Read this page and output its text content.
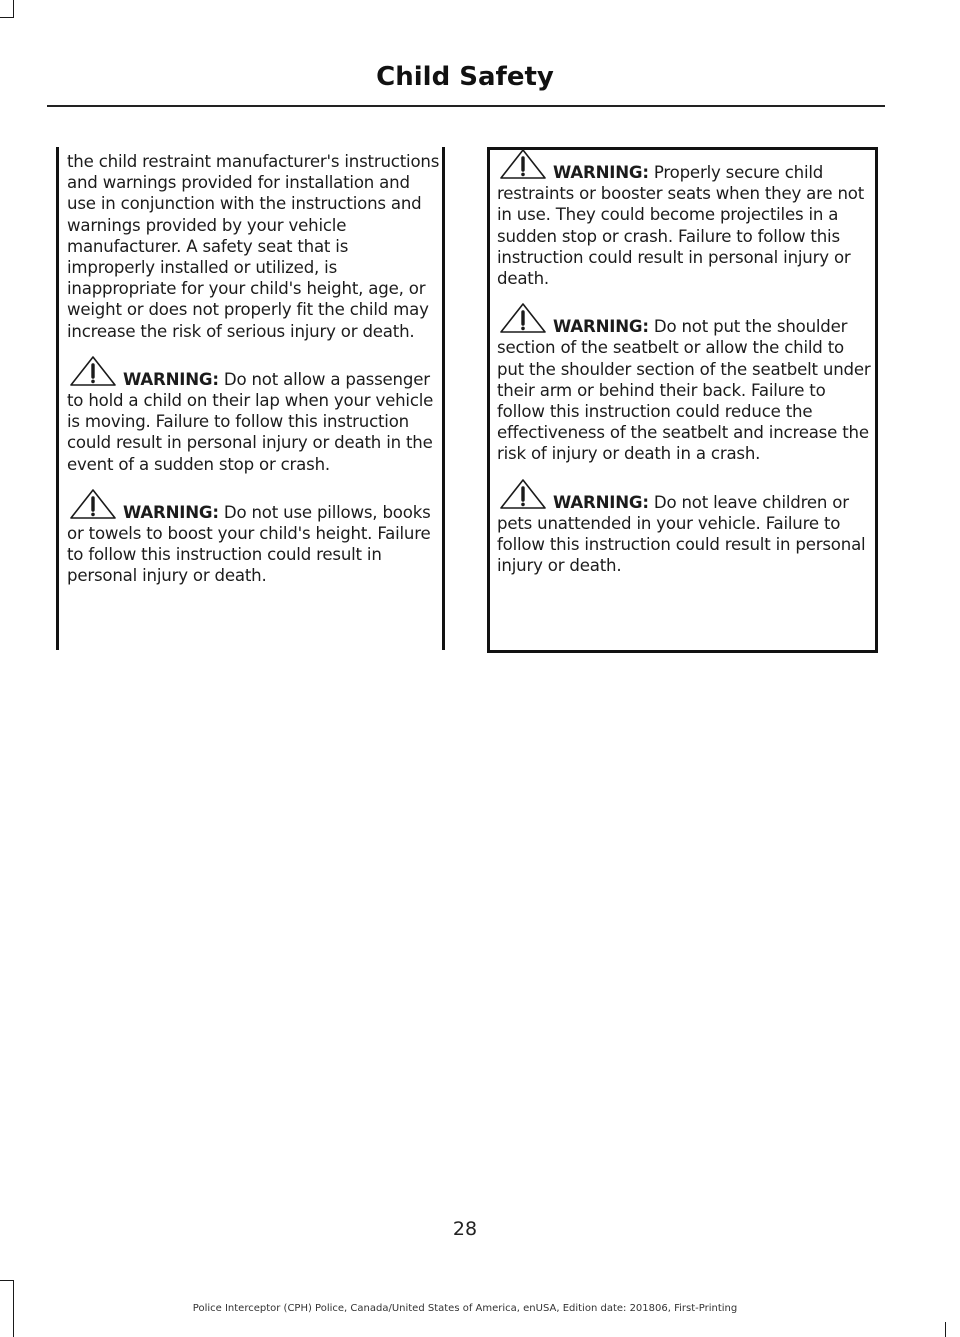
Child Safety

the child restraint manufacturer's instructions and warnings provided for installation and use in conjunction with the instructions and warnings provided by your vehicle manufacturer. A safety seat that is improperly installed or utilized, is inappropriate for your child's height, age, or weight or does not properly fit the child may increase the risk of serious injury or death.

WARNING: Do not allow a passenger to hold a child on their lap when your vehicle is moving. Failure to follow this instruction could result in personal injury or death in the event of a sudden stop or crash.
WARNING: Do not use pillows, books or towels to boost your child's height. Failure to follow this instruction could result in personal injury or death.
WARNING: Properly secure child restraints or booster seats when they are not in use. They could become projectiles in a sudden stop or crash. Failure to follow this instruction could result in personal injury or death.
WARNING: Do not put the shoulder section of the seatbelt or allow the child to put the shoulder section of the seatbelt under their arm or behind their back. Failure to follow this instruction could reduce the effectiveness of the seatbelt and increase the risk of injury or death in a crash.
WARNING: Do not leave children or pets unattended in your vehicle. Failure to follow this instruction could result in personal injury or death.
28
Police Interceptor (CPH) Police, Canada/United States of America, enUSA, Edition date: 201806, First-Printing
